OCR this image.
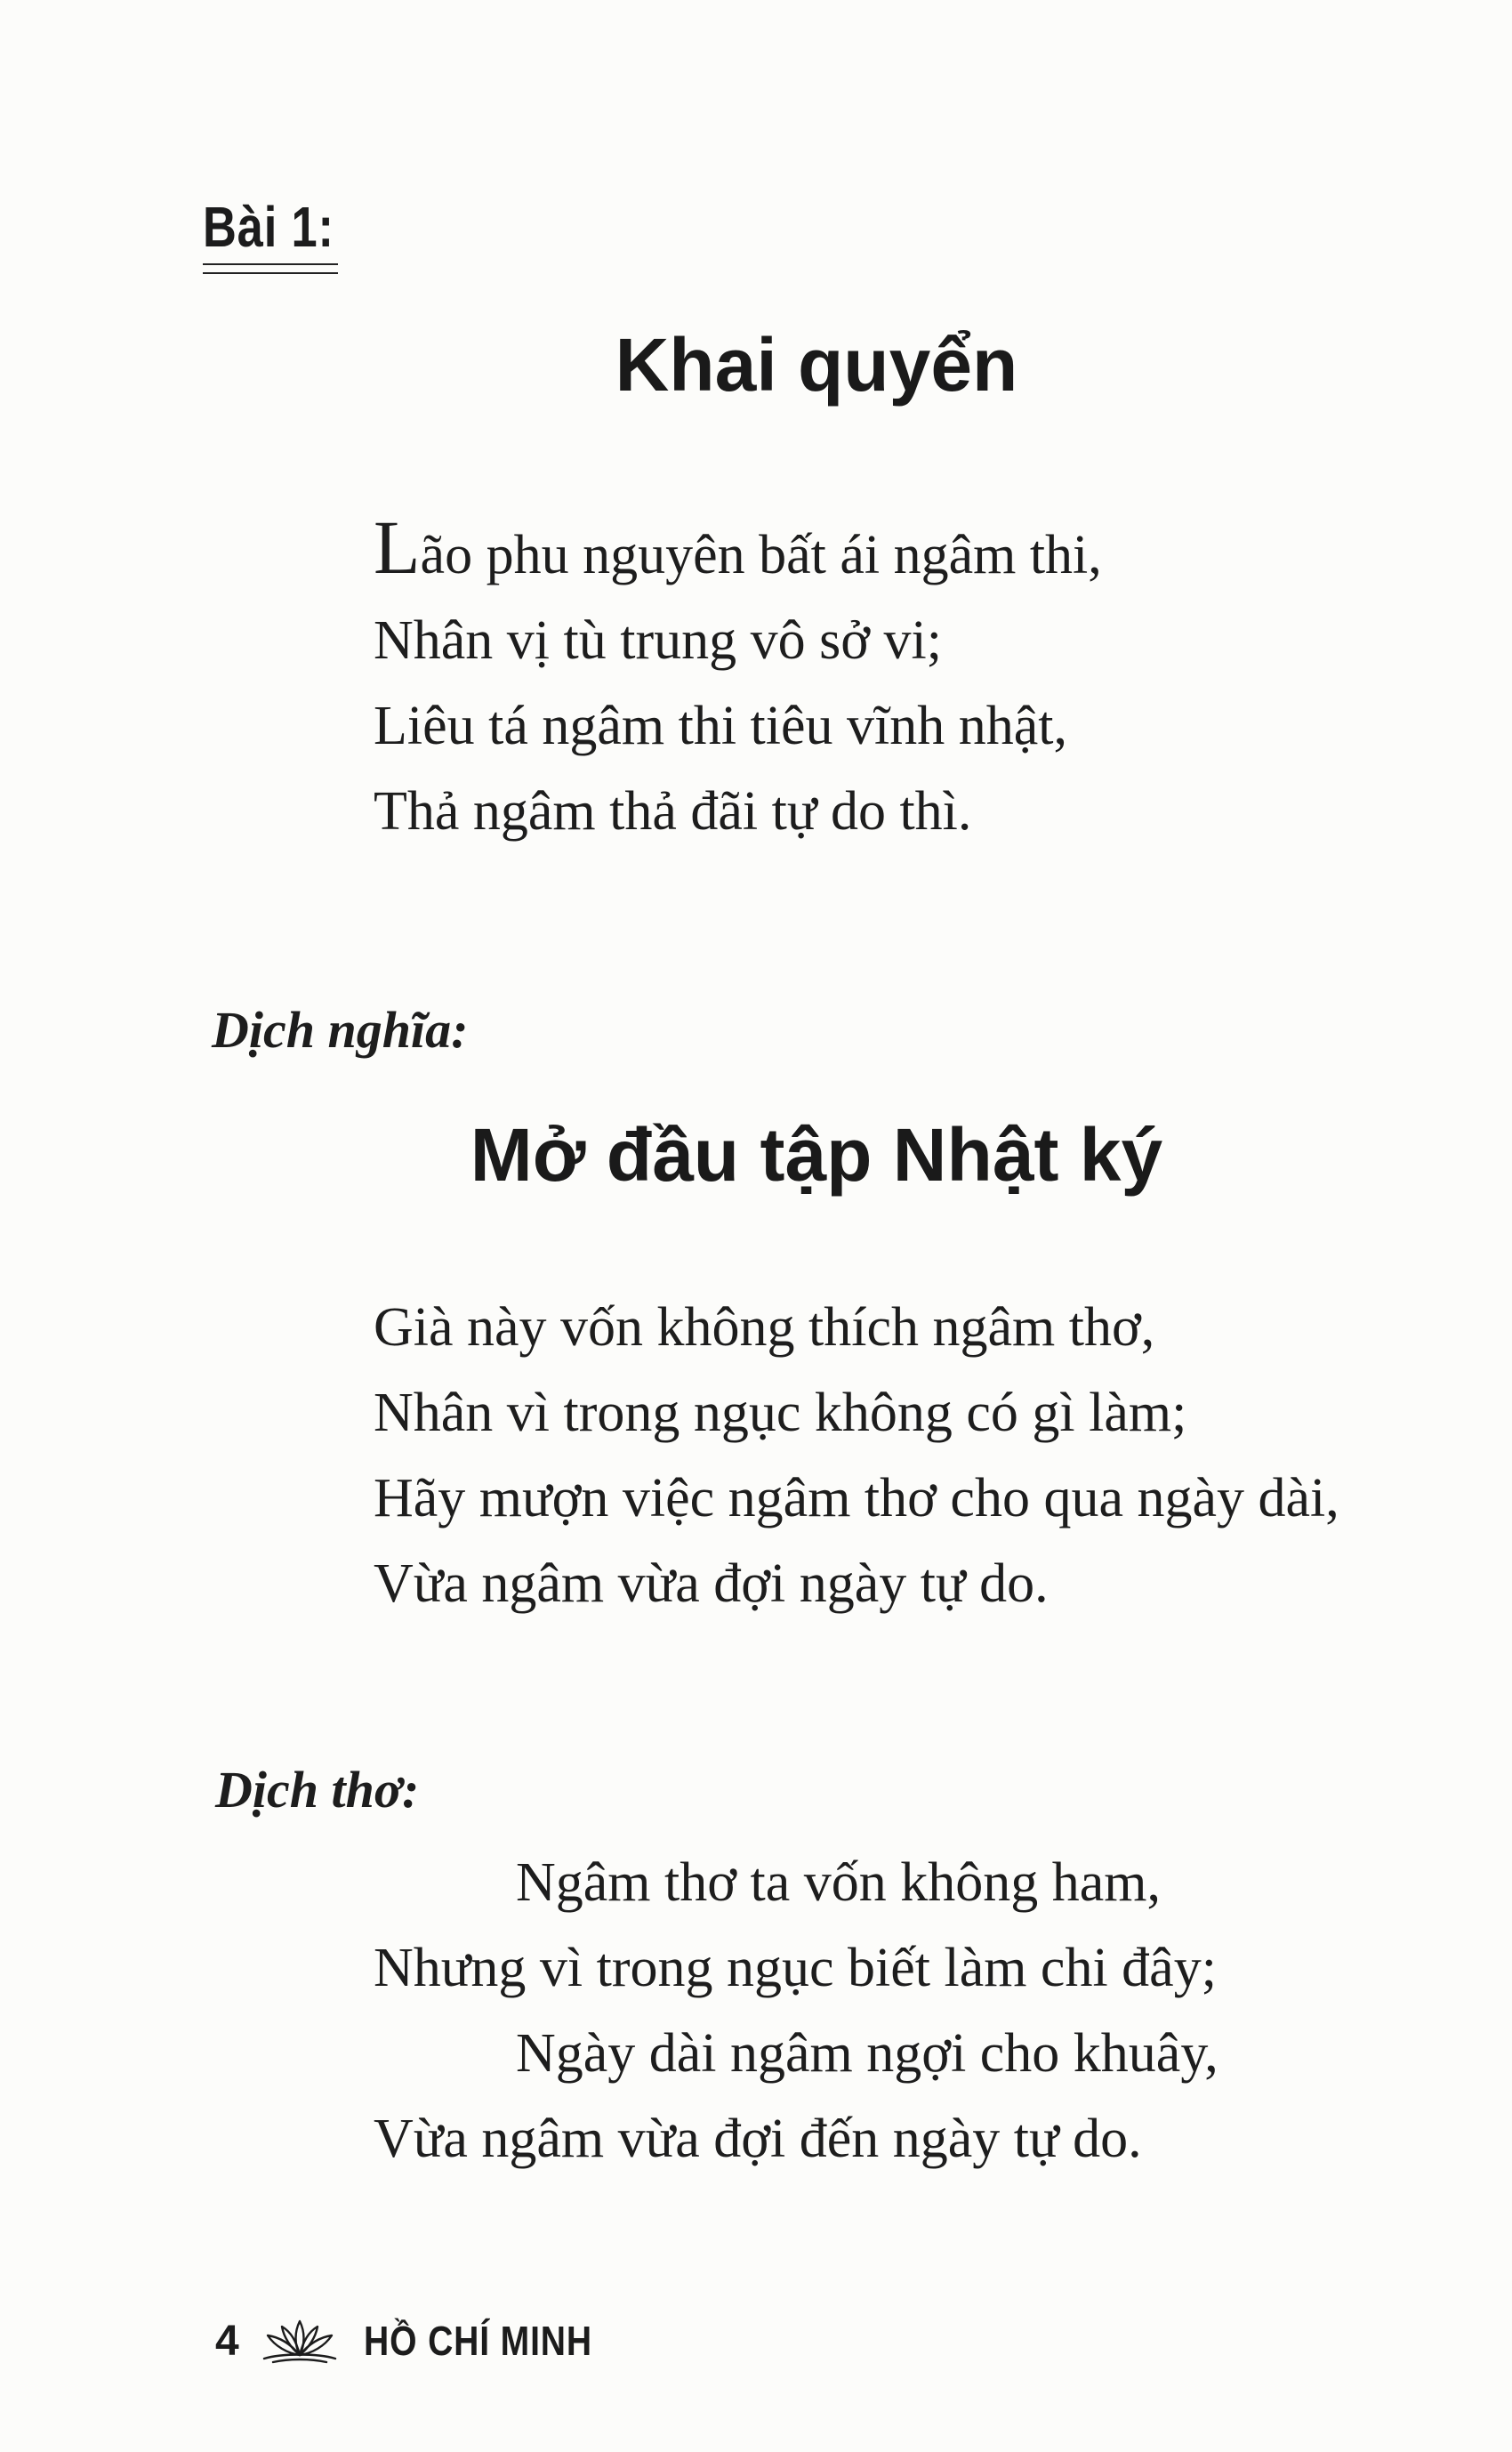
Bài 1:
Khai quyển
Lão phu nguyên bất ái ngâm thi,
Nhân vị tù trung vô sở vi;
Liêu tá ngâm thi tiêu vĩnh nhật,
Thả ngâm thả đãi tự do thì.
Dịch nghĩa:
Mở đầu tập Nhật ký
Già này vốn không thích ngâm thơ,
Nhân vì trong ngục không có gì làm;
Hãy mượn việc ngâm thơ cho qua ngày dài,
Vừa ngâm vừa đợi ngày tự do.
Dịch thơ:
Ngâm thơ ta vốn không ham,
Nhưng vì trong ngục biết làm chi đây;
Ngày dài ngâm ngợi cho khuây,
Vừa ngâm vừa đợi đến ngày tự do.
4	HỒ CHÍ MINH
